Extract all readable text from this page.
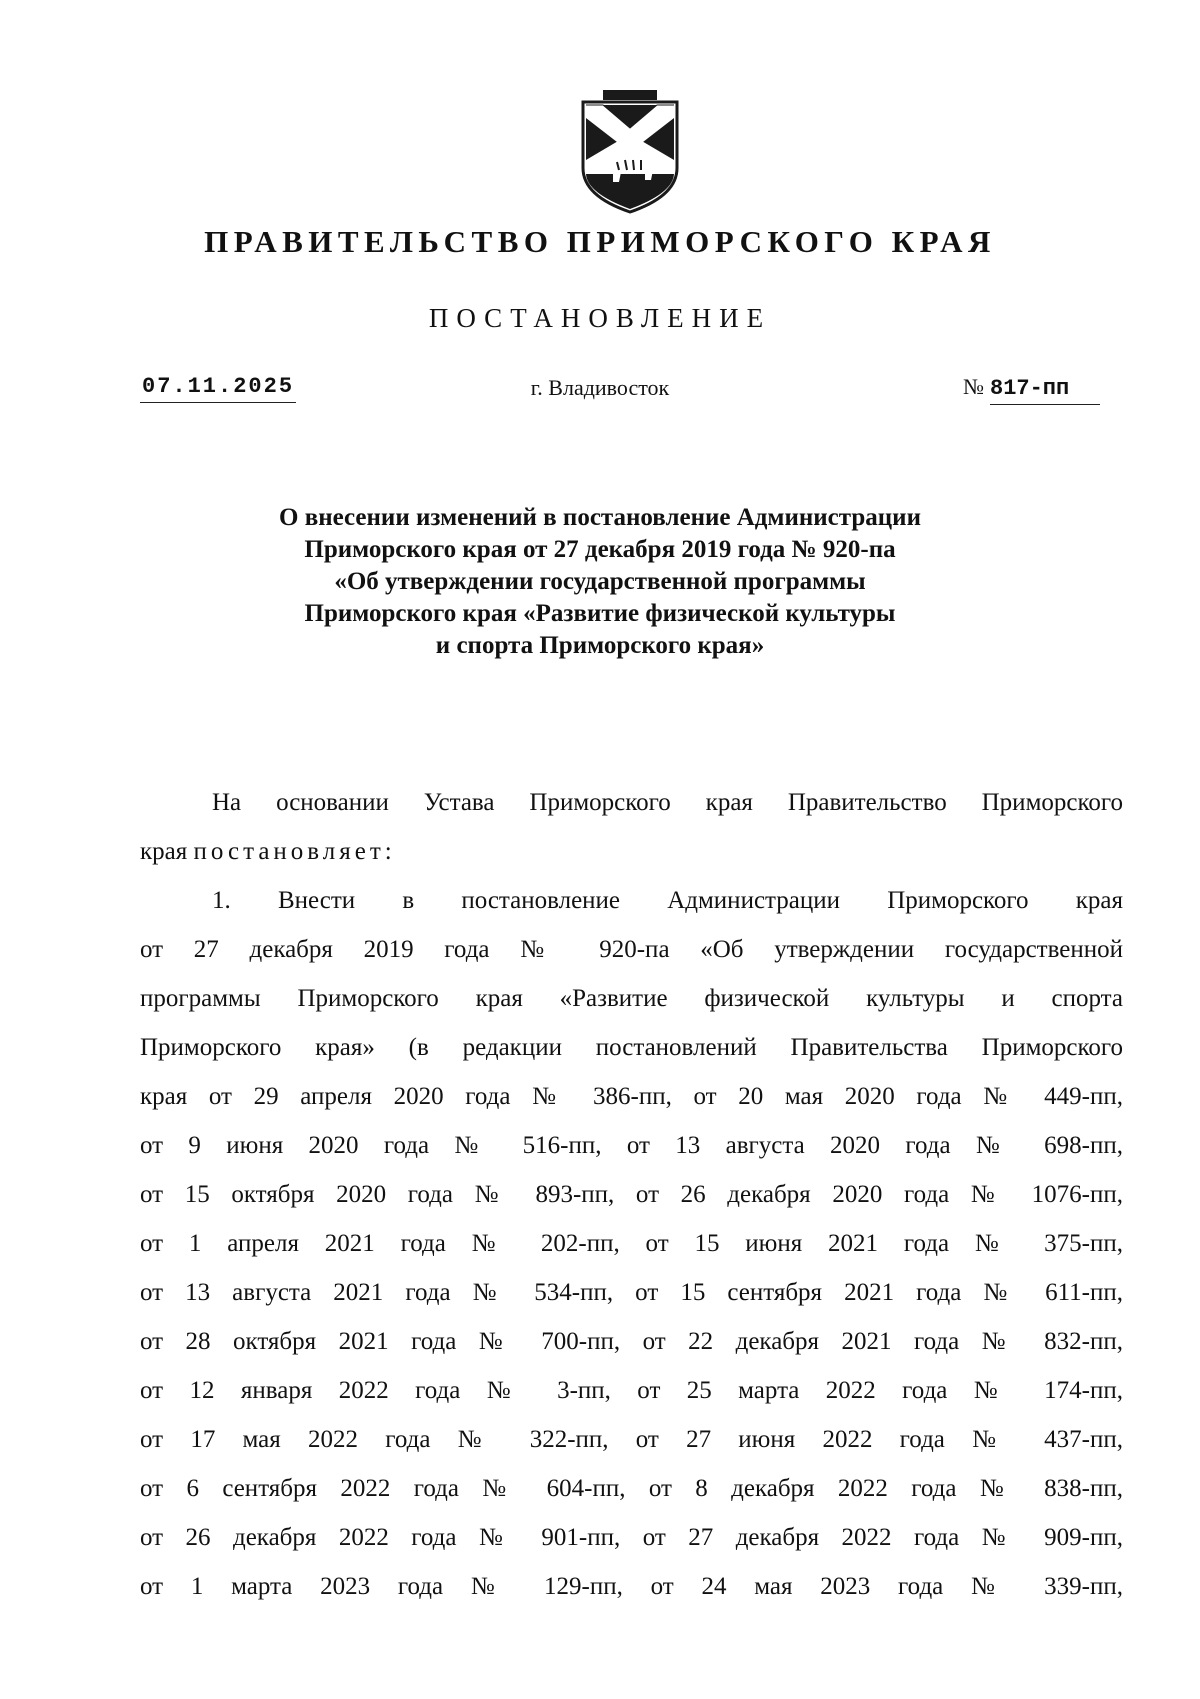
ПРАВИТЕЛЬСТВО ПРИМОРСКОГО КРАЯ
ПОСТАНОВЛЕНИЕ
07.11.2025	г. Владивосток	№ 817-пп
О внесении изменений в постановление Администрации
Приморского края от 27 декабря 2019 года № 920-па
«Об утверждении государственной программы
Приморского края «Развитие физической культуры
и спорта Приморского края»
На основании Устава Приморского края Правительство Приморского
края постановляет:
1. Внести в постановление Администрации Приморского края
от 27 декабря 2019 года № 920-па «Об утверждении государственной
программы Приморского края «Развитие физической культуры и спорта
Приморского края» (в редакции постановлений Правительства Приморского
края от 29 апреля 2020 года № 386-пп, от 20 мая 2020 года № 449-пп,
от 9 июня 2020 года № 516-пп, от 13 августа 2020 года № 698-пп,
от 15 октября 2020 года № 893-пп, от 26 декабря 2020 года № 1076-пп,
от 1 апреля 2021 года № 202-пп, от 15 июня 2021 года № 375-пп,
от 13 августа 2021 года № 534-пп, от 15 сентября 2021 года № 611-пп,
от 28 октября 2021 года № 700-пп, от 22 декабря 2021 года № 832-пп,
от 12 января 2022 года № 3-пп, от 25 марта 2022 года № 174-пп,
от 17 мая 2022 года № 322-пп, от 27 июня 2022 года № 437-пп,
от 6 сентября 2022 года № 604-пп, от 8 декабря 2022 года № 838-пп,
от 26 декабря 2022 года № 901-пп, от 27 декабря 2022 года № 909-пп,
от 1 марта 2023 года № 129-пп, от 24 мая 2023 года № 339-пп,
